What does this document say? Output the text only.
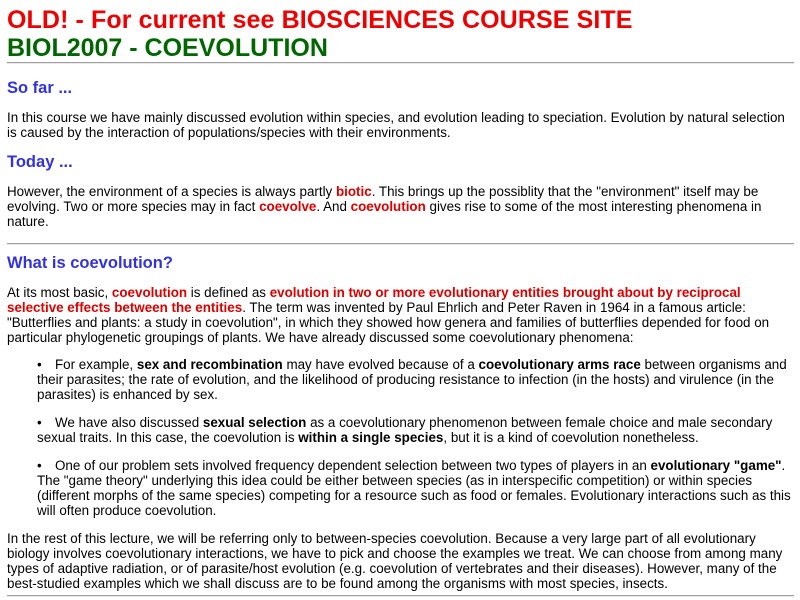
OLD! - For current see BIOSCIENCES COURSE SITE
BIOL2007 - COEVOLUTION
So far ...

In this course we have mainly discussed evolution within species, and evolution leading to speciation. Evolution by natural selection is caused by the interaction of populations/species with their environments.

Today ...

However, the environment of a species is always partly biotic. This brings up the possiblity that the "environment" itself may be evolving. Two or more species may in fact coevolve. And coevolution gives rise to some of the most interesting phenomena in nature.

What is coevolution?

At its most basic, coevolution is defined as evolution in two or more evolutionary entities brought about by reciprocal selective effects between the entities. The term was invented by Paul Ehrlich and Peter Raven in 1964 in a famous article: "Butterflies and plants: a study in coevolution", in which they showed how genera and families of butterflies depended for food on particular phylogenetic groupings of plants. We have already discussed some coevolutionary phenomena:

• For example, sex and recombination may have evolved because of a coevolutionary arms race between organisms and their parasites; the rate of evolution, and the likelihood of producing resistance to infection (in the hosts) and virulence (in the parasites) is enhanced by sex.
• We have also discussed sexual selection as a coevolutionary phenomenon between female choice and male secondary sexual traits. In this case, the coevolution is within a single species, but it is a kind of coevolution nonetheless.
• One of our problem sets involved frequency dependent selection between two types of players in an evolutionary "game". The "game theory" underlying this idea could be either between species (as in interspecific competition) or within species (different morphs of the same species) competing for a resource such as food or females. Evolutionary interactions such as this will often produce coevolution.

In the rest of this lecture, we will be referring only to between-species coevolution. Because a very large part of all evolutionary biology involves coevolutionary interactions, we have to pick and choose the examples we treat. We can choose from among many types of adaptive radiation, or of parasite/host evolution (e.g. coevolution of vertebrates and their diseases). However, many of the best-studied examples which we shall discuss are to be found among the organisms with most species, insects.
